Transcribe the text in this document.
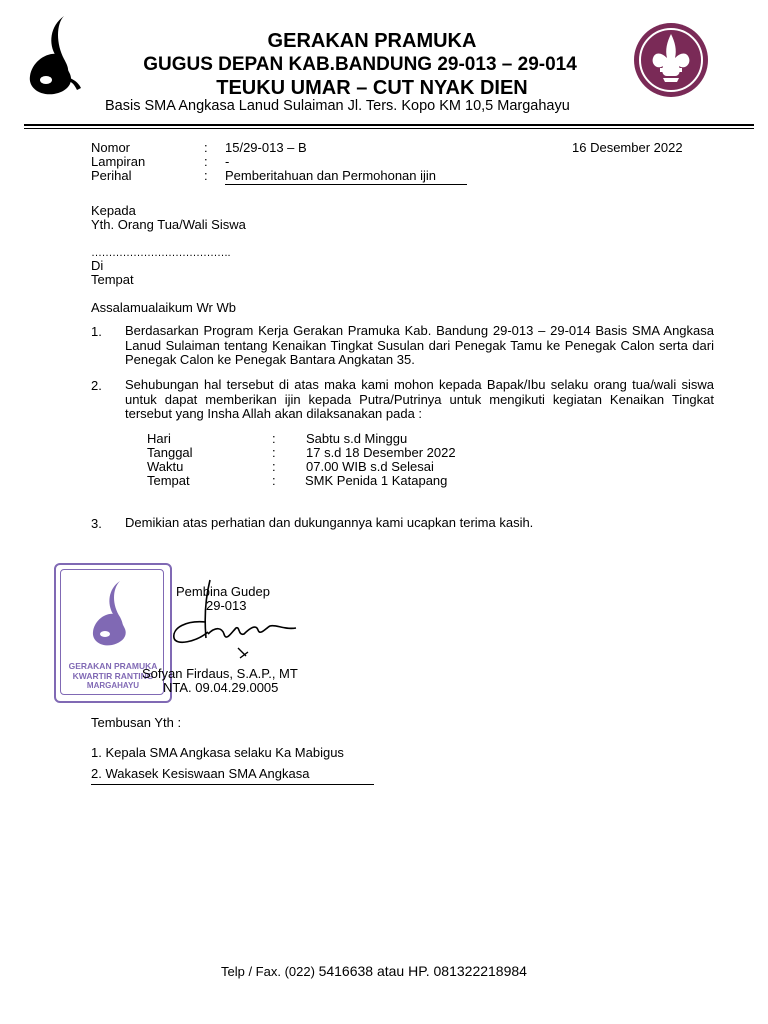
GERAKAN PRAMUKA
GUGUS DEPAN KAB.BANDUNG 29-013 – 29-014
TEUKU UMAR – CUT NYAK DIEN
Basis SMA Angkasa Lanud Sulaiman Jl. Ters. Kopo KM 10,5 Margahayu
Nomor	: 15/29-013 – B	16 Desember 2022
Lampiran	: -
Perihal	: Pemberitahuan dan Permohonan ijin
Kepada
Yth. Orang Tua/Wali Siswa
………………………………….
Di
Tempat
Assalamualaikum Wr Wb
1. Berdasarkan Program Kerja Gerakan Pramuka Kab. Bandung 29-013 – 29-014 Basis SMA Angkasa Lanud Sulaiman tentang Kenaikan Tingkat Susulan dari Penegak Tamu ke Penegak Calon serta dari Penegak Calon ke Penegak Bantara Angkatan 35.
2. Sehubungan hal tersebut di atas maka kami mohon kepada Bapak/Ibu selaku orang tua/wali siswa untuk dapat memberikan ijin kepada Putra/Putrinya untuk mengikuti kegiatan Kenaikan Tingkat tersebut yang Insha Allah akan dilaksanakan pada :
Hari	: Sabtu s.d Minggu
Tanggal	: 17 s.d 18 Desember 2022
Waktu	: 07.00 WIB s.d Selesai
Tempat	: SMK Penida 1 Katapang
3. Demikian atas perhatian dan dukungannya kami ucapkan terima kasih.
GERAKAN PRAMUKA
KWARTIR RANTING
MARGAHAYU
Pembina Gudep
29-013
Sofyan Firdaus, S.A.P., MT
NTA. 09.04.29.0005
Tembusan Yth :
1. Kepala SMA Angkasa selaku Ka Mabigus
2. Wakasek Kesiswaan SMA Angkasa
Telp / Fax. (022) 5416638 atau HP. 081322218984
